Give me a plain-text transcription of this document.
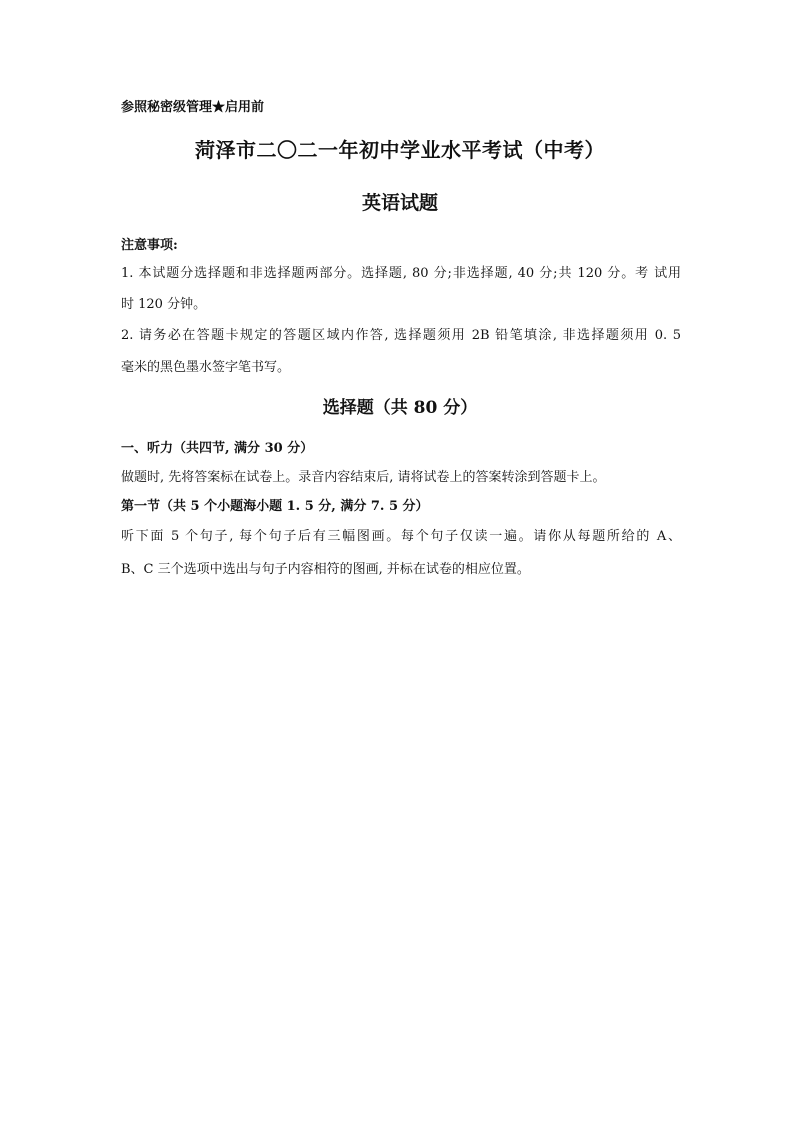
参照秘密级管理★启用前
菏泽市二〇二一年初中学业水平考试（中考）
英语试题
注意事项:
1. 本试题分选择题和非选择题两部分。选择题, 80 分;非选择题, 40 分;共 120 分。考 试用
时 120 分钟。
2. 请务必在答题卡规定的答题区域内作答, 选择题须用 2B 铅笔填涂, 非选择题须用 0. 5
毫米的黑色墨水签字笔书写。
选择题（共 80 分）
一、听力（共四节, 满分 30 分）
做题时, 先将答案标在试卷上。录音内容结束后, 请将试卷上的答案转涂到答题卡上。
第一节（共 5 个小题海小题 1. 5 分, 满分 7. 5 分）
听下面 5 个句子, 每个句子后有三幅图画。每个句子仅读一遍。请你从每题所给的 A、
B、C 三个选项中选出与句子内容相符的图画, 并标在试卷的相应位置。
